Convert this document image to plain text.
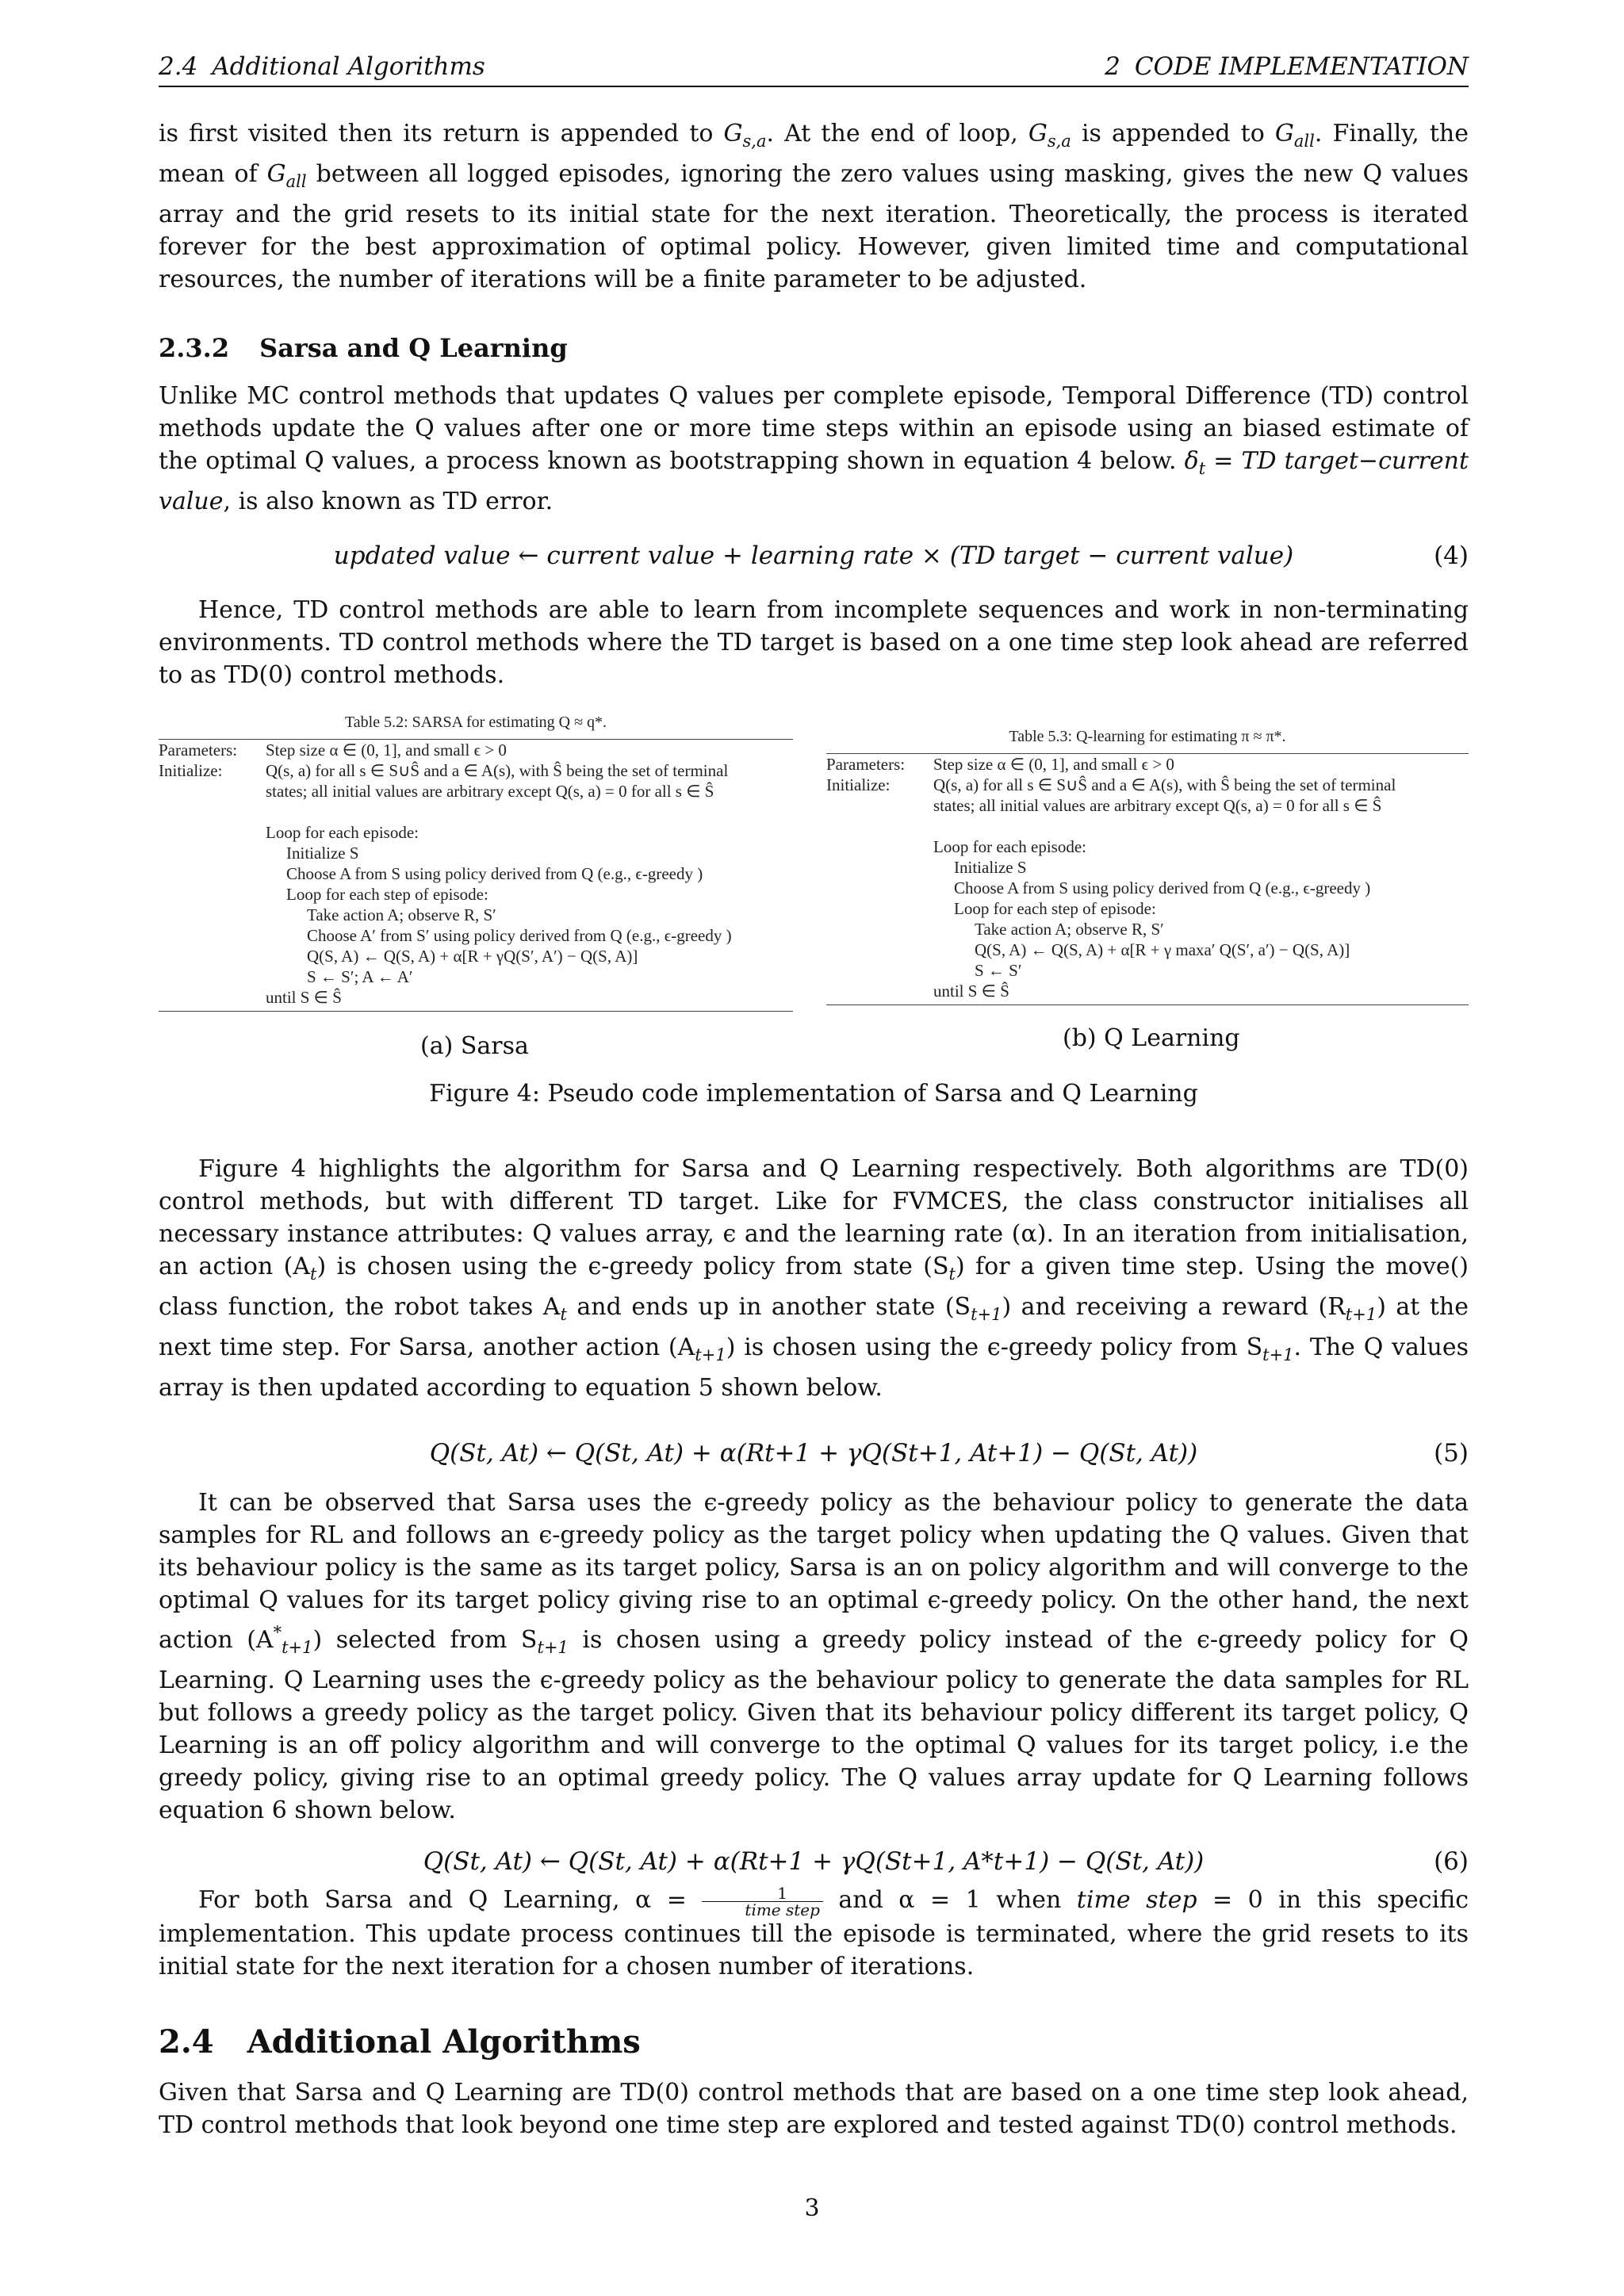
2.4 Additional Algorithms	2 CODE IMPLEMENTATION

is first visited then its return is appended to $G_{s,a}$. At the end of loop, $G_{s,a}$ is appended to $G_{all}$. Finally, the mean of $G_{all}$ between all logged episodes, ignoring the zero values using masking, gives the new Q values array and the grid resets to its initial state for the next iteration. Theoretically, the process is iterated forever for the best approximation of optimal policy. However, given limited time and computational resources, the number of iterations will be a finite parameter to be adjusted.

2.3.2 Sarsa and Q Learning

Unlike MC control methods that updates Q values per complete episode, Temporal Difference (TD) control methods update the Q values after one or more time steps within an episode using an biased estimate of the optimal Q values, a process known as bootstrapping shown in equation 4 below. $\delta_t$ = TD target−current value, is also known as TD error.

updated value ← current value + learning rate × (TD target − current value)	(4)

Hence, TD control methods are able to learn from incomplete sequences and work in non-terminating environments. TD control methods where the TD target is based on a one time step look ahead are referred to as TD(0) control methods.

Table 5.2: SARSA for estimating Q ≈ q*.
Parameters:	Step size α ∈ (0, 1], and small ϵ > 0
Initialize:	Q(s, a) for all s ∈ S∪Ŝ and a ∈ A(s), with Ŝ being the set of terminal
	states; all initial values are arbitrary except Q(s, a) = 0 for all s ∈ Ŝ
Loop for each episode:
Initialize S
Choose A from S using policy derived from Q (e.g., ϵ-greedy )
Loop for each step of episode:
Take action A; observe R, S′
Choose A′ from S′ using policy derived from Q (e.g., ϵ-greedy )
Q(S, A) ← Q(S, A) + α[R + γQ(S′, A′) − Q(S, A)]
S ← S′; A ← A′
until S ∈ Ŝ
(a) Sarsa
Table 5.3: Q-learning for estimating π ≈ π*.
Parameters:	Step size α ∈ (0, 1], and small ϵ > 0
Initialize:	Q(s, a) for all s ∈ S∪Ŝ and a ∈ A(s), with Ŝ being the set of terminal
	states; all initial values are arbitrary except Q(s, a) = 0 for all s ∈ Ŝ
Loop for each episode:
Initialize S
Choose A from S using policy derived from Q (e.g., ϵ-greedy )
Loop for each step of episode:
Take action A; observe R, S′
Q(S, A) ← Q(S, A) + α[R + γ maxa′ Q(S′, a′) − Q(S, A)]
S ← S′
until S ∈ Ŝ
(b) Q Learning
Figure 4: Pseudo code implementation of Sarsa and Q Learning

Figure 4 highlights the algorithm for Sarsa and Q Learning respectively. Both algorithms are TD(0) control methods, but with different TD target. Like for FVMCES, the class constructor initialises all necessary instance attributes: Q values array, ϵ and the learning rate (α). In an iteration from initialisation, an action $(A_t)$ is chosen using the ϵ-greedy policy from state $(S_t)$ for a given time step. Using the move() class function, the robot takes $A_t$ and ends up in another state $(S_{t+1})$ and receiving a reward $(R_{t+1})$ at the next time step. For Sarsa, another action $(A_{t+1})$ is chosen using the ϵ-greedy policy from $S_{t+1}$. The Q values array is then updated according to equation 5 shown below.

Q(St, At) ← Q(St, At) + α(Rt+1 + γQ(St+1, At+1) − Q(St, At))	(5)

It can be observed that Sarsa uses the ϵ-greedy policy as the behaviour policy to generate the data samples for RL and follows an ϵ-greedy policy as the target policy when updating the Q values. Given that its behaviour policy is the same as its target policy, Sarsa is an on policy algorithm and will converge to the optimal Q values for its target policy giving rise to an optimal ϵ-greedy policy. On the other hand, the next action $(A^*_{t+1})$ selected from $S_{t+1}$ is chosen using a greedy policy instead of the ϵ-greedy policy for Q Learning. Q Learning uses the ϵ-greedy policy as the behaviour policy to generate the data samples for RL but follows a greedy policy as the target policy. Given that its behaviour policy different its target policy, Q Learning is an off policy algorithm and will converge to the optimal Q values for its target policy, i.e the greedy policy, giving rise to an optimal greedy policy. The Q values array update for Q Learning follows equation 6 shown below.

Q(St, At) ← Q(St, At) + α(Rt+1 + γQ(St+1, A*t+1) − Q(St, At))	(6)

For both Sarsa and Q Learning, $\alpha = \frac{1}{\text{time step}}$ and α = 1 when time step = 0 in this specific implementation. This update process continues till the episode is terminated, where the grid resets to its initial state for the next iteration for a chosen number of iterations.

2.4 Additional Algorithms

Given that Sarsa and Q Learning are TD(0) control methods that are based on a one time step look ahead, TD control methods that look beyond one time step are explored and tested against TD(0) control methods.

3
